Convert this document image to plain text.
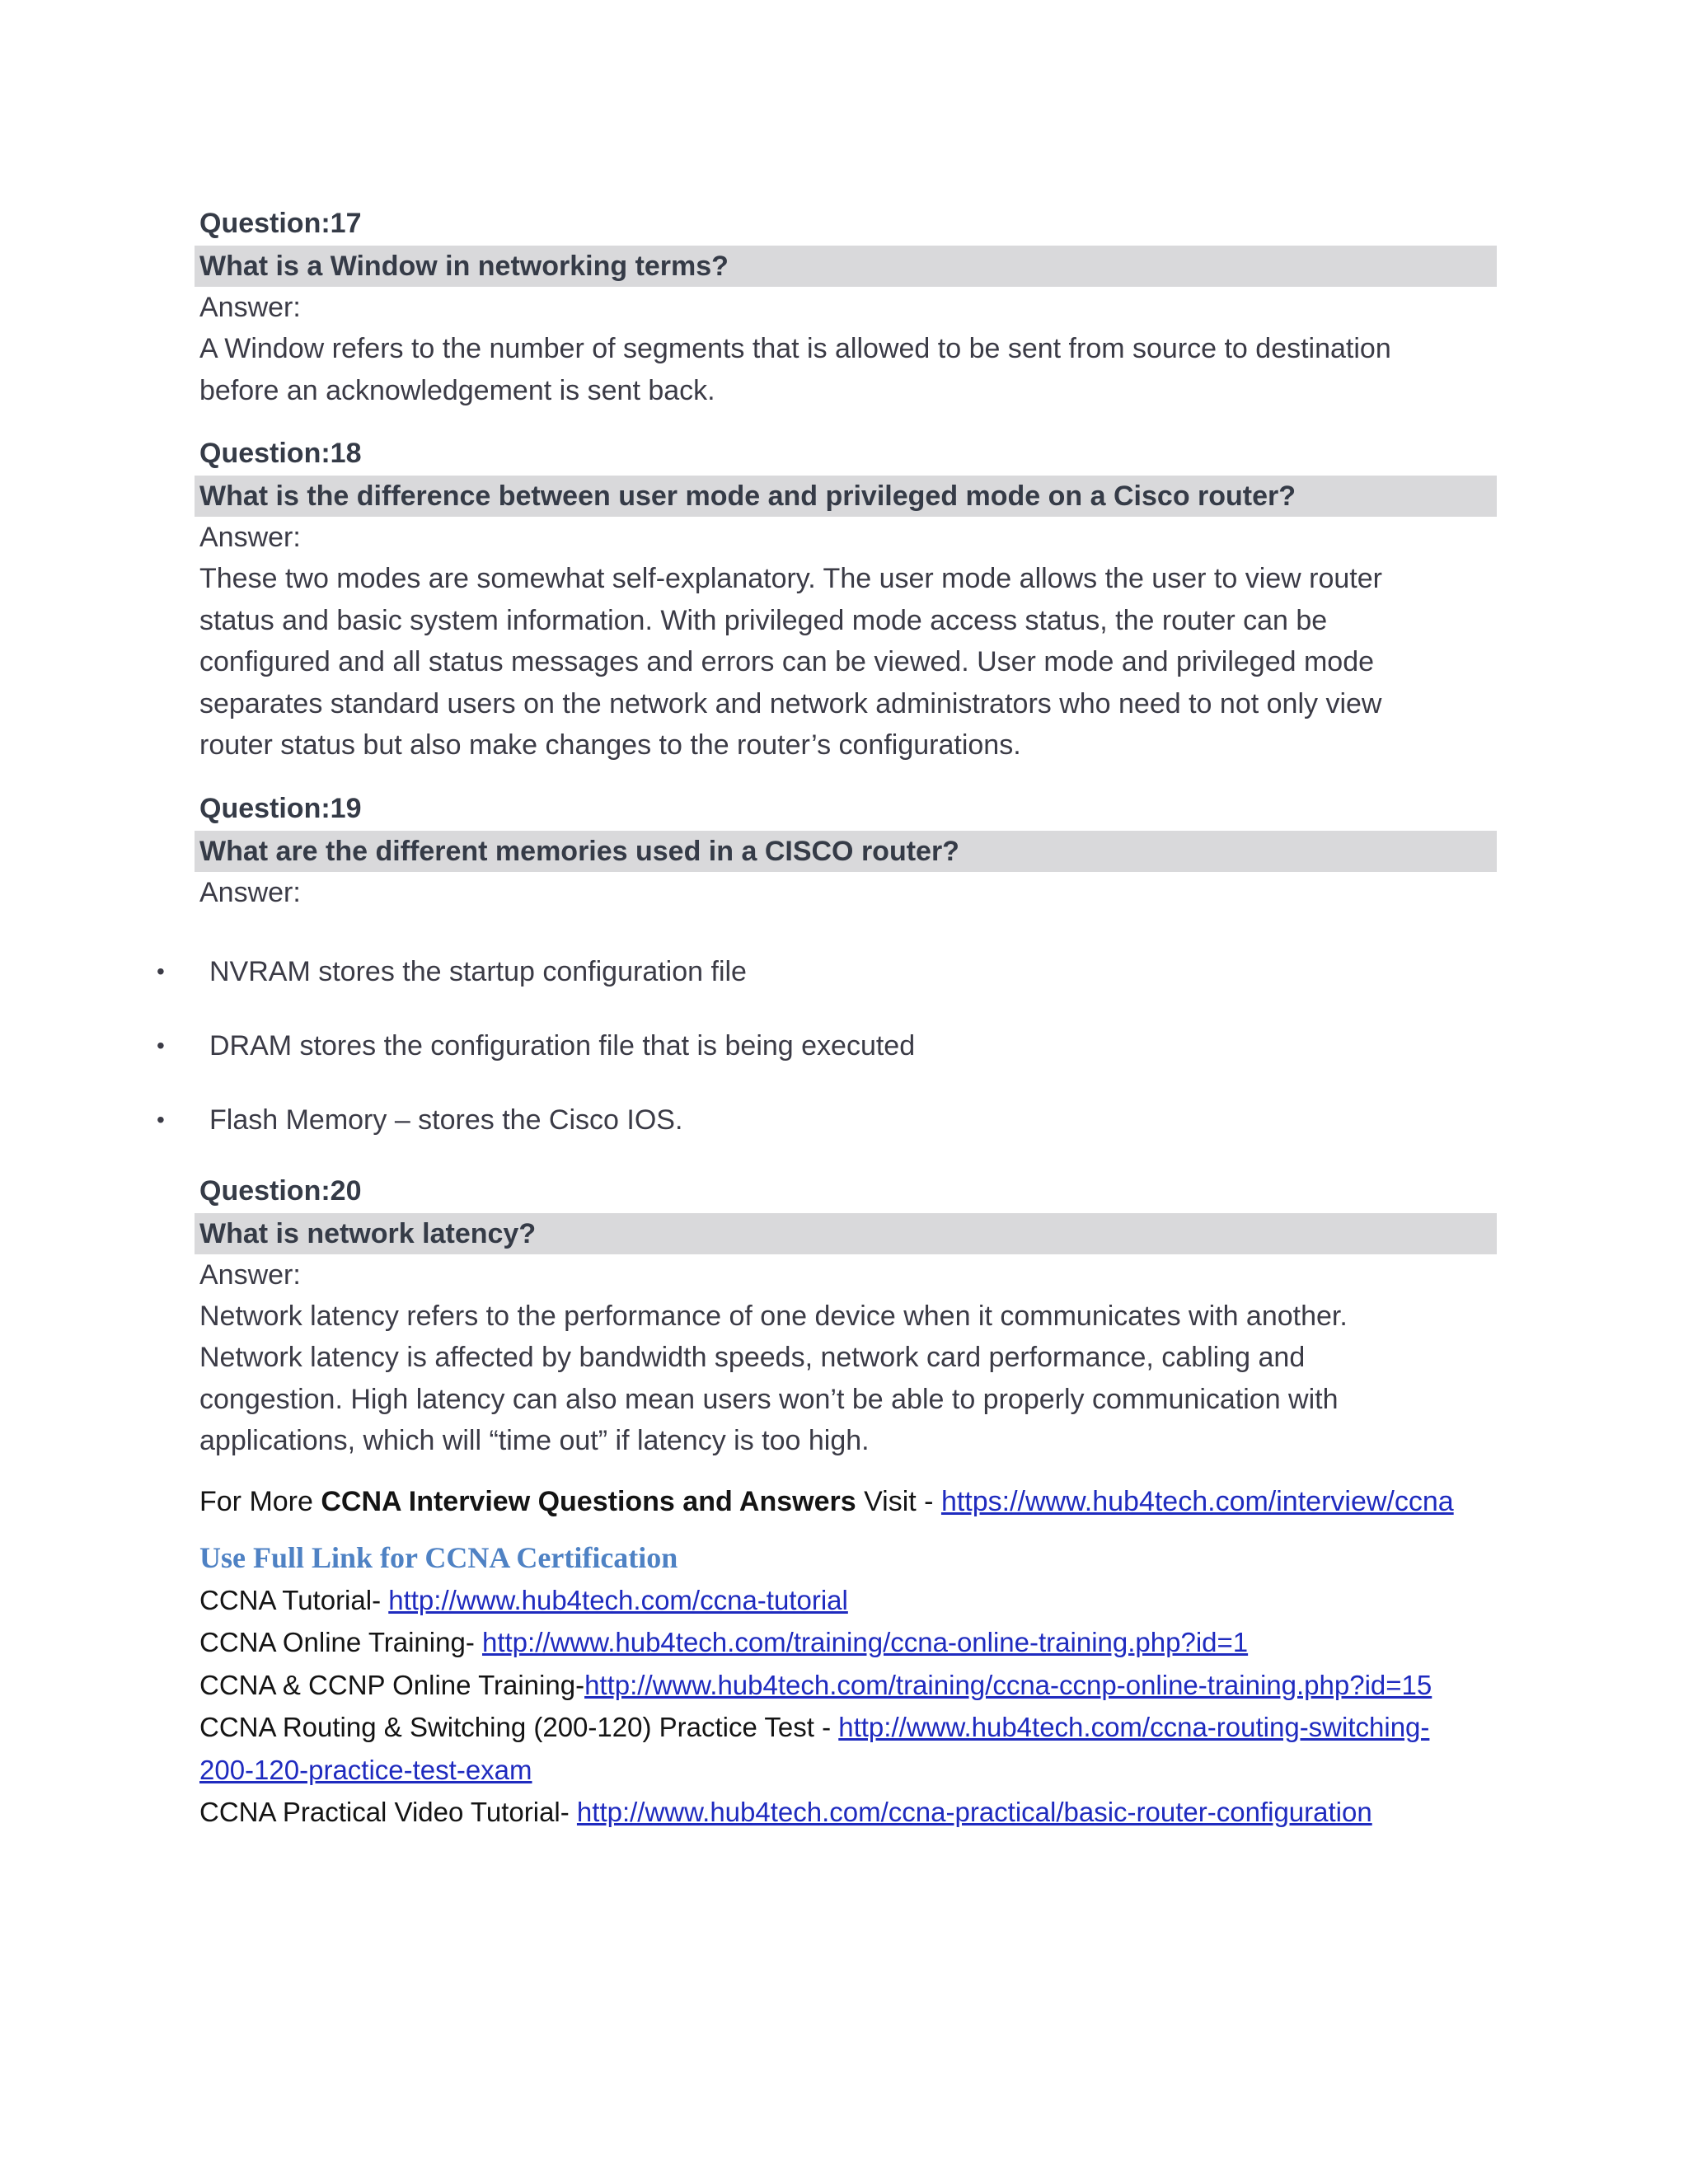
Question:17
What is a Window in networking terms?
Answer:
A Window refers to the number of segments that is allowed to be sent from source to destination
before an acknowledgement is sent back.
Question:18
What is the difference between user mode and privileged mode on a Cisco router?
Answer:
These two modes are somewhat self-explanatory. The user mode allows the user to view router
status and basic system information. With privileged mode access status, the router can be
configured and all status messages and errors can be viewed. User mode and privileged mode
separates standard users on the network and network administrators who need to not only view
router status but also make changes to the router’s configurations.
Question:19
What are the different memories used in a CISCO router?
Answer:
• NVRAM stores the startup configuration file
• DRAM stores the configuration file that is being executed
• Flash Memory – stores the Cisco IOS.
Question:20
What is network latency?
Answer:
Network latency refers to the performance of one device when it communicates with another.
Network latency is affected by bandwidth speeds, network card performance, cabling and
congestion. High latency can also mean users won’t be able to properly communication with
applications, which will “time out” if latency is too high.
For More CCNA Interview Questions and Answers Visit - https://www.hub4tech.com/interview/ccna
Use Full Link for CCNA Certification
CCNA Tutorial- http://www.hub4tech.com/ccna-tutorial
CCNA Online Training- http://www.hub4tech.com/training/ccna-online-training.php?id=1
CCNA & CCNP Online Training-http://www.hub4tech.com/training/ccna-ccnp-online-training.php?id=15
CCNA Routing & Switching (200-120) Practice Test - http://www.hub4tech.com/ccna-routing-switching-
200-120-practice-test-exam
CCNA Practical Video Tutorial- http://www.hub4tech.com/ccna-practical/basic-router-configuration
